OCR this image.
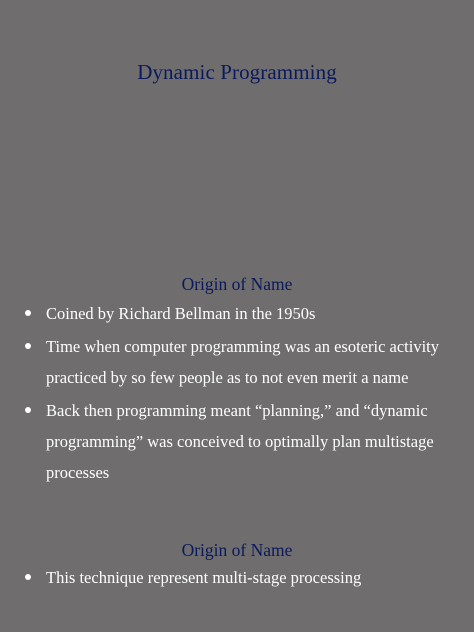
Dynamic Programming
Origin of Name
Coined by Richard Bellman in the 1950s
Time when computer programming was an esoteric activity practiced by so few people as to not even merit a name
Back then programming meant “planning,” and “dynamic programming” was conceived to optimally plan multistage processes
Origin of Name
This technique represent multi-stage processing
